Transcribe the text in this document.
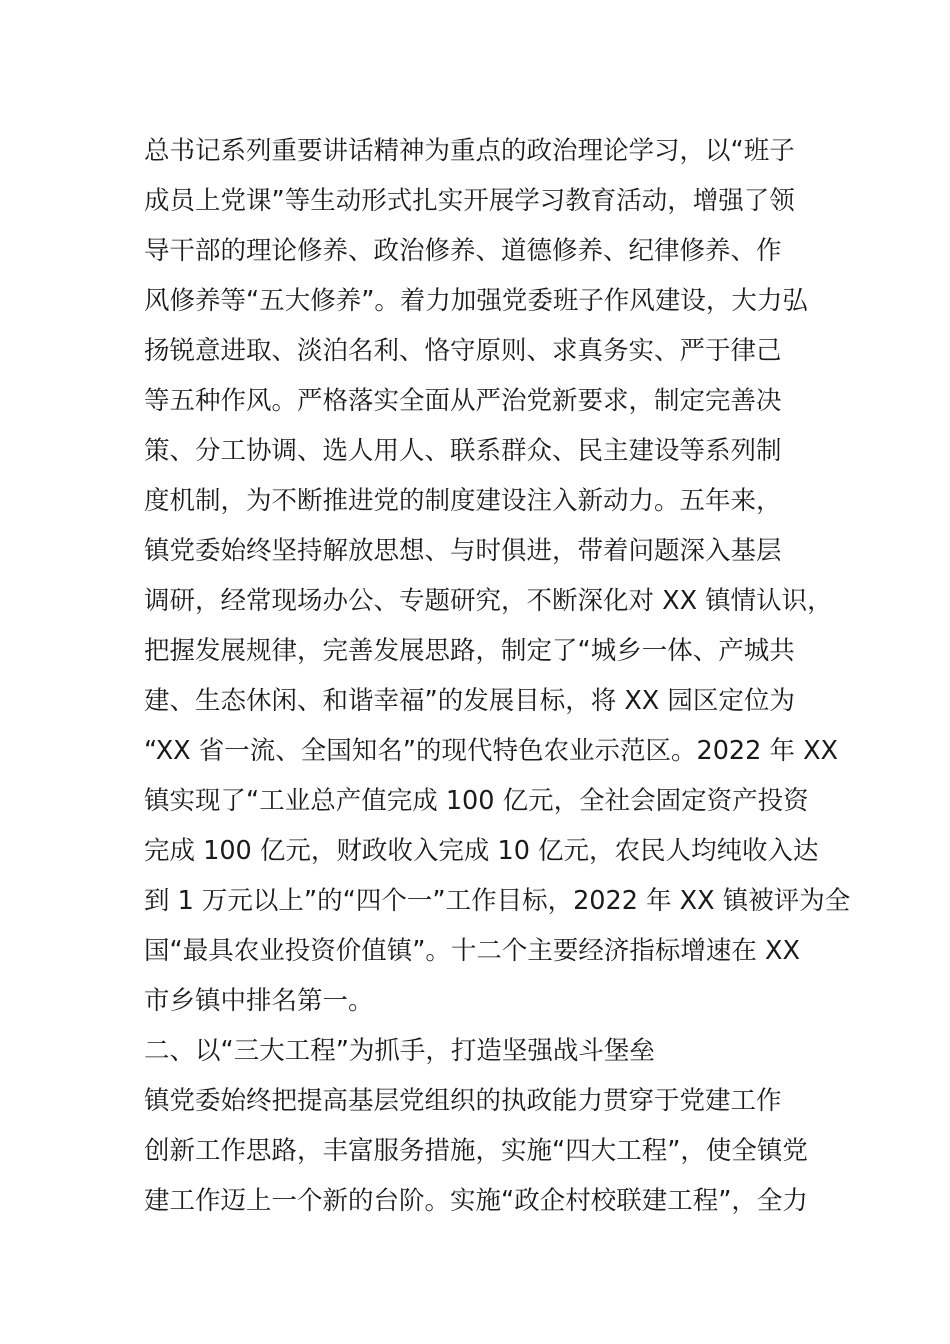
总书记系列重要讲话精神为重点的政治理论学习，以“班子
成员上党课”等生动形式扎实开展学习教育活动，增强了领
导干部的理论修养、政治修养、道德修养、纪律修养、作
风修养等“五大修养”。着力加强党委班子作风建设，大力弘
扬锐意进取、淡泊名利、恪守原则、求真务实、严于律己
等五种作风。严格落实全面从严治党新要求，制定完善决
策、分工协调、选人用人、联系群众、民主建设等系列制
度机制，为不断推进党的制度建设注入新动力。五年来，
镇党委始终坚持解放思想、与时俱进，带着问题深入基层
调研，经常现场办公、专题研究，不断深化对 XX 镇情认识，
把握发展规律，完善发展思路，制定了“城乡一体、产城共
建、生态休闲、和谐幸福”的发展目标，将 XX 园区定位为
“XX 省一流、全国知名”的现代特色农业示范区。2022 年 XX
镇实现了“工业总产值完成 100 亿元，全社会固定资产投资
完成 100 亿元，财政收入完成 10 亿元，农民人均纯收入达
到 1 万元以上”的“四个一”工作目标，2022 年 XX 镇被评为全
国“最具农业投资价值镇”。十二个主要经济指标增速在 XX
市乡镇中排名第一。
二、以“三大工程”为抓手，打造坚强战斗堡垒
镇党委始终把提高基层党组织的执政能力贯穿于党建工作
创新工作思路，丰富服务措施，实施“四大工程”，使全镇党
建工作迈上一个新的台阶。实施“政企村校联建工程”，全力
